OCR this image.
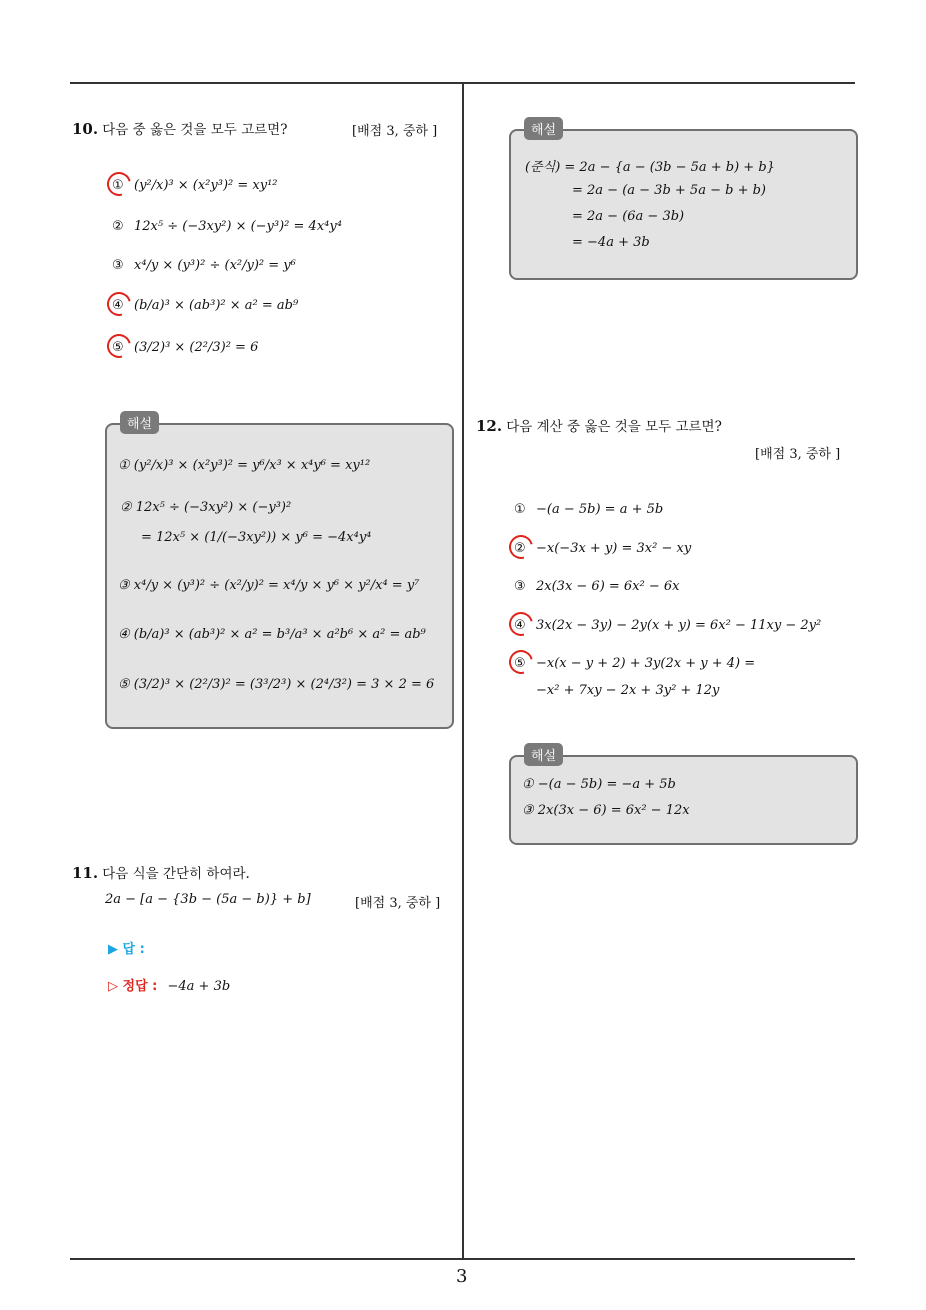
10. 다음 중 옳은 것을 모두 고르면?	[배점 3, 중하 ]
① (y²/x)³ × (x²y³)² = xy¹²
② 12x⁵ ÷ (−3xy²) × (−y³)² = 4x⁴y⁴
③ x⁴/y × (y³)² ÷ (x²/y)² = y⁶
④ (b/a)³ × (ab³)² × a² = ab⁹
⑤ (3/2)³ × (2²/3)² = 6
해설
① (y²/x)³ × (x²y³)² = y⁶/x³ × x⁴y⁶ = xy¹²
② 12x⁵ ÷ (−3xy²) × (−y³)²
= 12x⁵ × (1/(−3xy²)) × y⁶ = −4x⁴y⁴
③ x⁴/y × (y³)² ÷ (x²/y)² = x⁴/y × y⁶ × y²/x⁴ = y⁷
④ (b/a)³ × (ab³)² × a² = b³/a³ × a²b⁶ × a² = ab⁹
⑤ (3/2)³ × (2²/3)² = (3³/2³) × (2⁴/3²) = 3 × 2 = 6
11. 다음 식을 간단히 하여라.
2a − [a − {3b − (5a − b)} + b]	[배점 3, 중하 ]
▶ 답 :
▷ 정답 : −4a + 3b
해설
(준식) = 2a − {a − (3b − 5a + b) + b}
= 2a − (a − 3b + 5a − b + b)
= 2a − (6a − 3b)
= −4a + 3b
12. 다음 계산 중 옳은 것을 모두 고르면?
[배점 3, 중하 ]
① −(a − 5b) = a + 5b
② −x(−3x + y) = 3x² − xy
③ 2x(3x − 6) = 6x² − 6x
④ 3x(2x − 3y) − 2y(x + y) = 6x² − 11xy − 2y²
⑤ −x(x − y + 2) + 3y(2x + y + 4) =
−x² + 7xy − 2x + 3y² + 12y
해설
① −(a − 5b) = −a + 5b
③ 2x(3x − 6) = 6x² − 12x
3
